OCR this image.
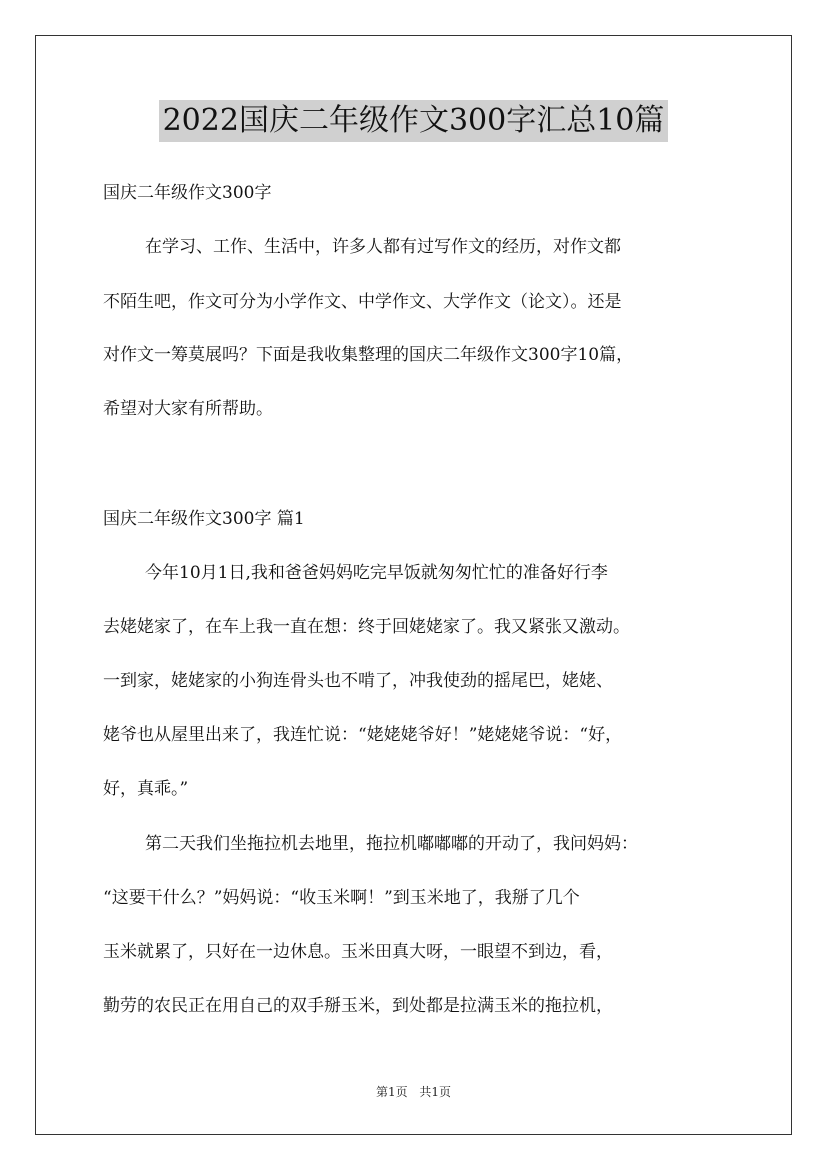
2022国庆二年级作文300字汇总10篇
国庆二年级作文300字
在学习、工作、生活中，许多人都有过写作文的经历，对作文都
不陌生吧，作文可分为小学作文、中学作文、大学作文（论文）。还是
对作文一筹莫展吗？下面是我收集整理的国庆二年级作文300字10篇，
希望对大家有所帮助。
国庆二年级作文300字 篇1
今年10月1日,我和爸爸妈妈吃完早饭就匆匆忙忙的准备好行李
去姥姥家了，在车上我一直在想：终于回姥姥家了。我又紧张又激动。
一到家，姥姥家的小狗连骨头也不啃了，冲我使劲的摇尾巴，姥姥、
姥爷也从屋里出来了，我连忙说：“姥姥姥爷好！”姥姥姥爷说：“好，
好，真乖。”
第二天我们坐拖拉机去地里，拖拉机嘟嘟嘟的开动了，我问妈妈：
“这要干什么？”妈妈说：“收玉米啊！”到玉米地了，我掰了几个
玉米就累了，只好在一边休息。玉米田真大呀，一眼望不到边，看，
勤劳的农民正在用自己的双手掰玉米，到处都是拉满玉米的拖拉机，
第1页 共1页
